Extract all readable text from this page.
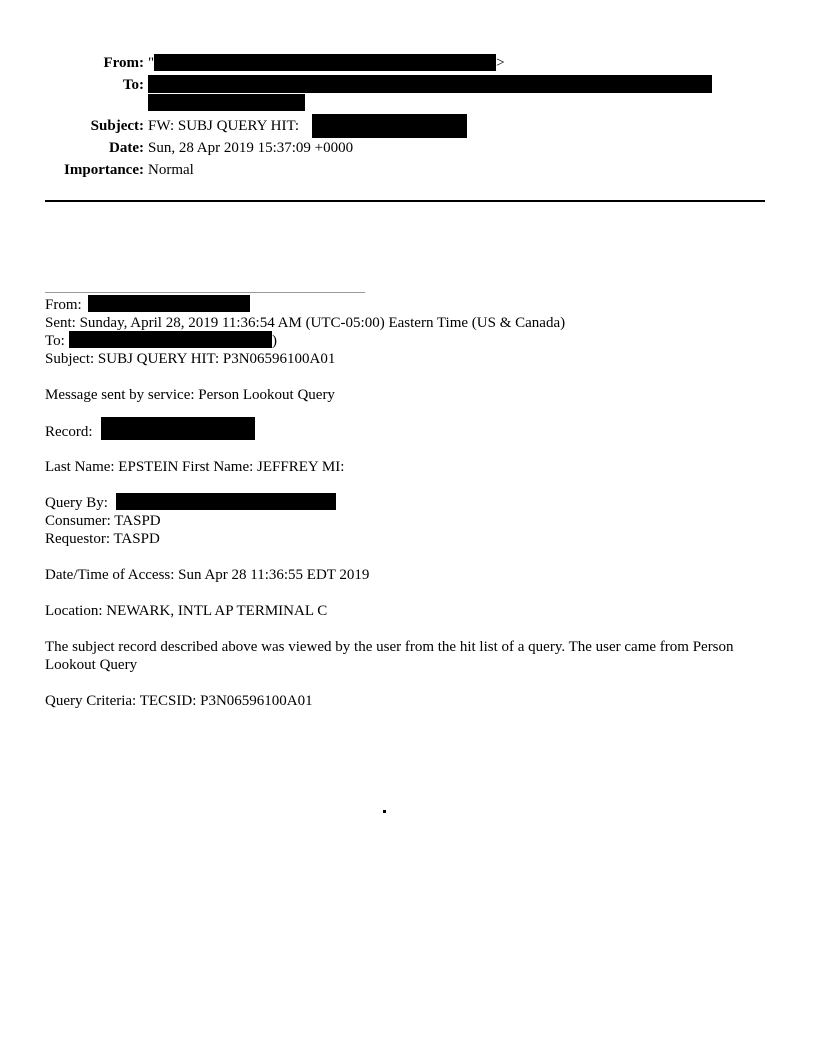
From: "	>
To:
Subject: FW: SUBJ QUERY HIT:
Date: Sun, 28 Apr 2019 15:37:09 +0000
Importance: Normal
From:
Sent: Sunday, April 28, 2019 11:36:54 AM (UTC-05:00) Eastern Time (US & Canada)
To:	)
Subject: SUBJ QUERY HIT: P3N06596100A01
Message sent by service: Person Lookout Query
Record:
Last Name: EPSTEIN First Name: JEFFREY MI:
Query By:
Consumer: TASPD
Requestor: TASPD
Date/Time of Access: Sun Apr 28 11:36:55 EDT 2019
Location: NEWARK, INTL AP TERMINAL C
The subject record described above was viewed by the user from the hit list of a query. The user came from Person Lookout Query
Query Criteria: TECSID: P3N06596100A01
